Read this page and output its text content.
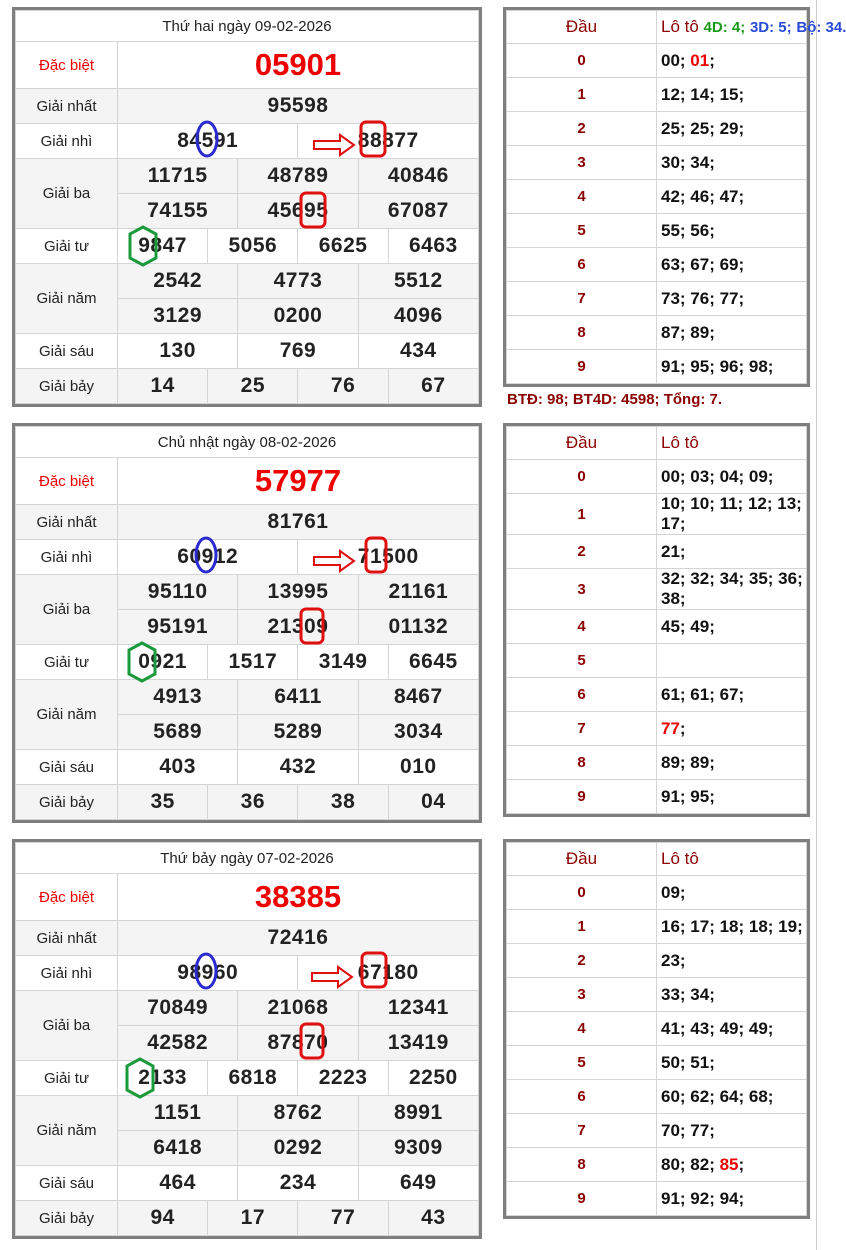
Thứ hai ngày 09-02-2026						
Đặc biệt	05901					
Giải nhất	95598					
Giải nhì	84591			88877		
Giải ba	11715		48789		40846	
	74155		45695		67087	
Giải tư	9847	5056		6625		6463
Giải năm	2542		4773		5512	
	3129		0200		4096	
Giải sáu	130		769		434	
Giải bảy	14	25		76		67
Đầu	Lô tô 4D: 4; 3D: 5; Bộ: 34.
0	00; 01;
1	12; 14; 15;
2	25; 25; 29;
3	30; 34;
4	42; 46; 47;
5	55; 56;
6	63; 67; 69;
7	73; 76; 77;
8	87; 89;
9	91; 95; 96; 98;
BTĐ: 98; BT4D: 4598; Tổng: 7.
Chủ nhật ngày 08-02-2026						
Đặc biệt	57977					
Giải nhất	81761					
Giải nhì	60912			71500		
Giải ba	95110		13995		21161	
	95191		21309		01132	
Giải tư	0921	1517		3149		6645
Giải năm	4913		6411		8467	
	5689		5289		3034	
Giải sáu	403		432		010	
Giải bảy	35	36		38		04
Đầu	Lô tô
0	00; 03; 04; 09;
1	10; 10; 11; 12; 13; 17;
2	21;
3	32; 32; 34; 35; 36; 38;
4	45; 49;
5	
6	61; 61; 67;
7	77;
8	89; 89;
9	91; 95;
Thứ bảy ngày 07-02-2026						
Đặc biệt	38385					
Giải nhất	72416					
Giải nhì	98960			67180		
Giải ba	70849		21068		12341	
	42582		87870		13419	
Giải tư	2133	6818		2223		2250
Giải năm	1151		8762		8991	
	6418		0292		9309	
Giải sáu	464		234		649	
Giải bảy	94	17		77		43
Đầu	Lô tô
0	09;
1	16; 17; 18; 18; 19;
2	23;
3	33; 34;
4	41; 43; 49; 49;
5	50; 51;
6	60; 62; 64; 68;
7	70; 77;
8	80; 82; 85;
9	91; 92; 94;
